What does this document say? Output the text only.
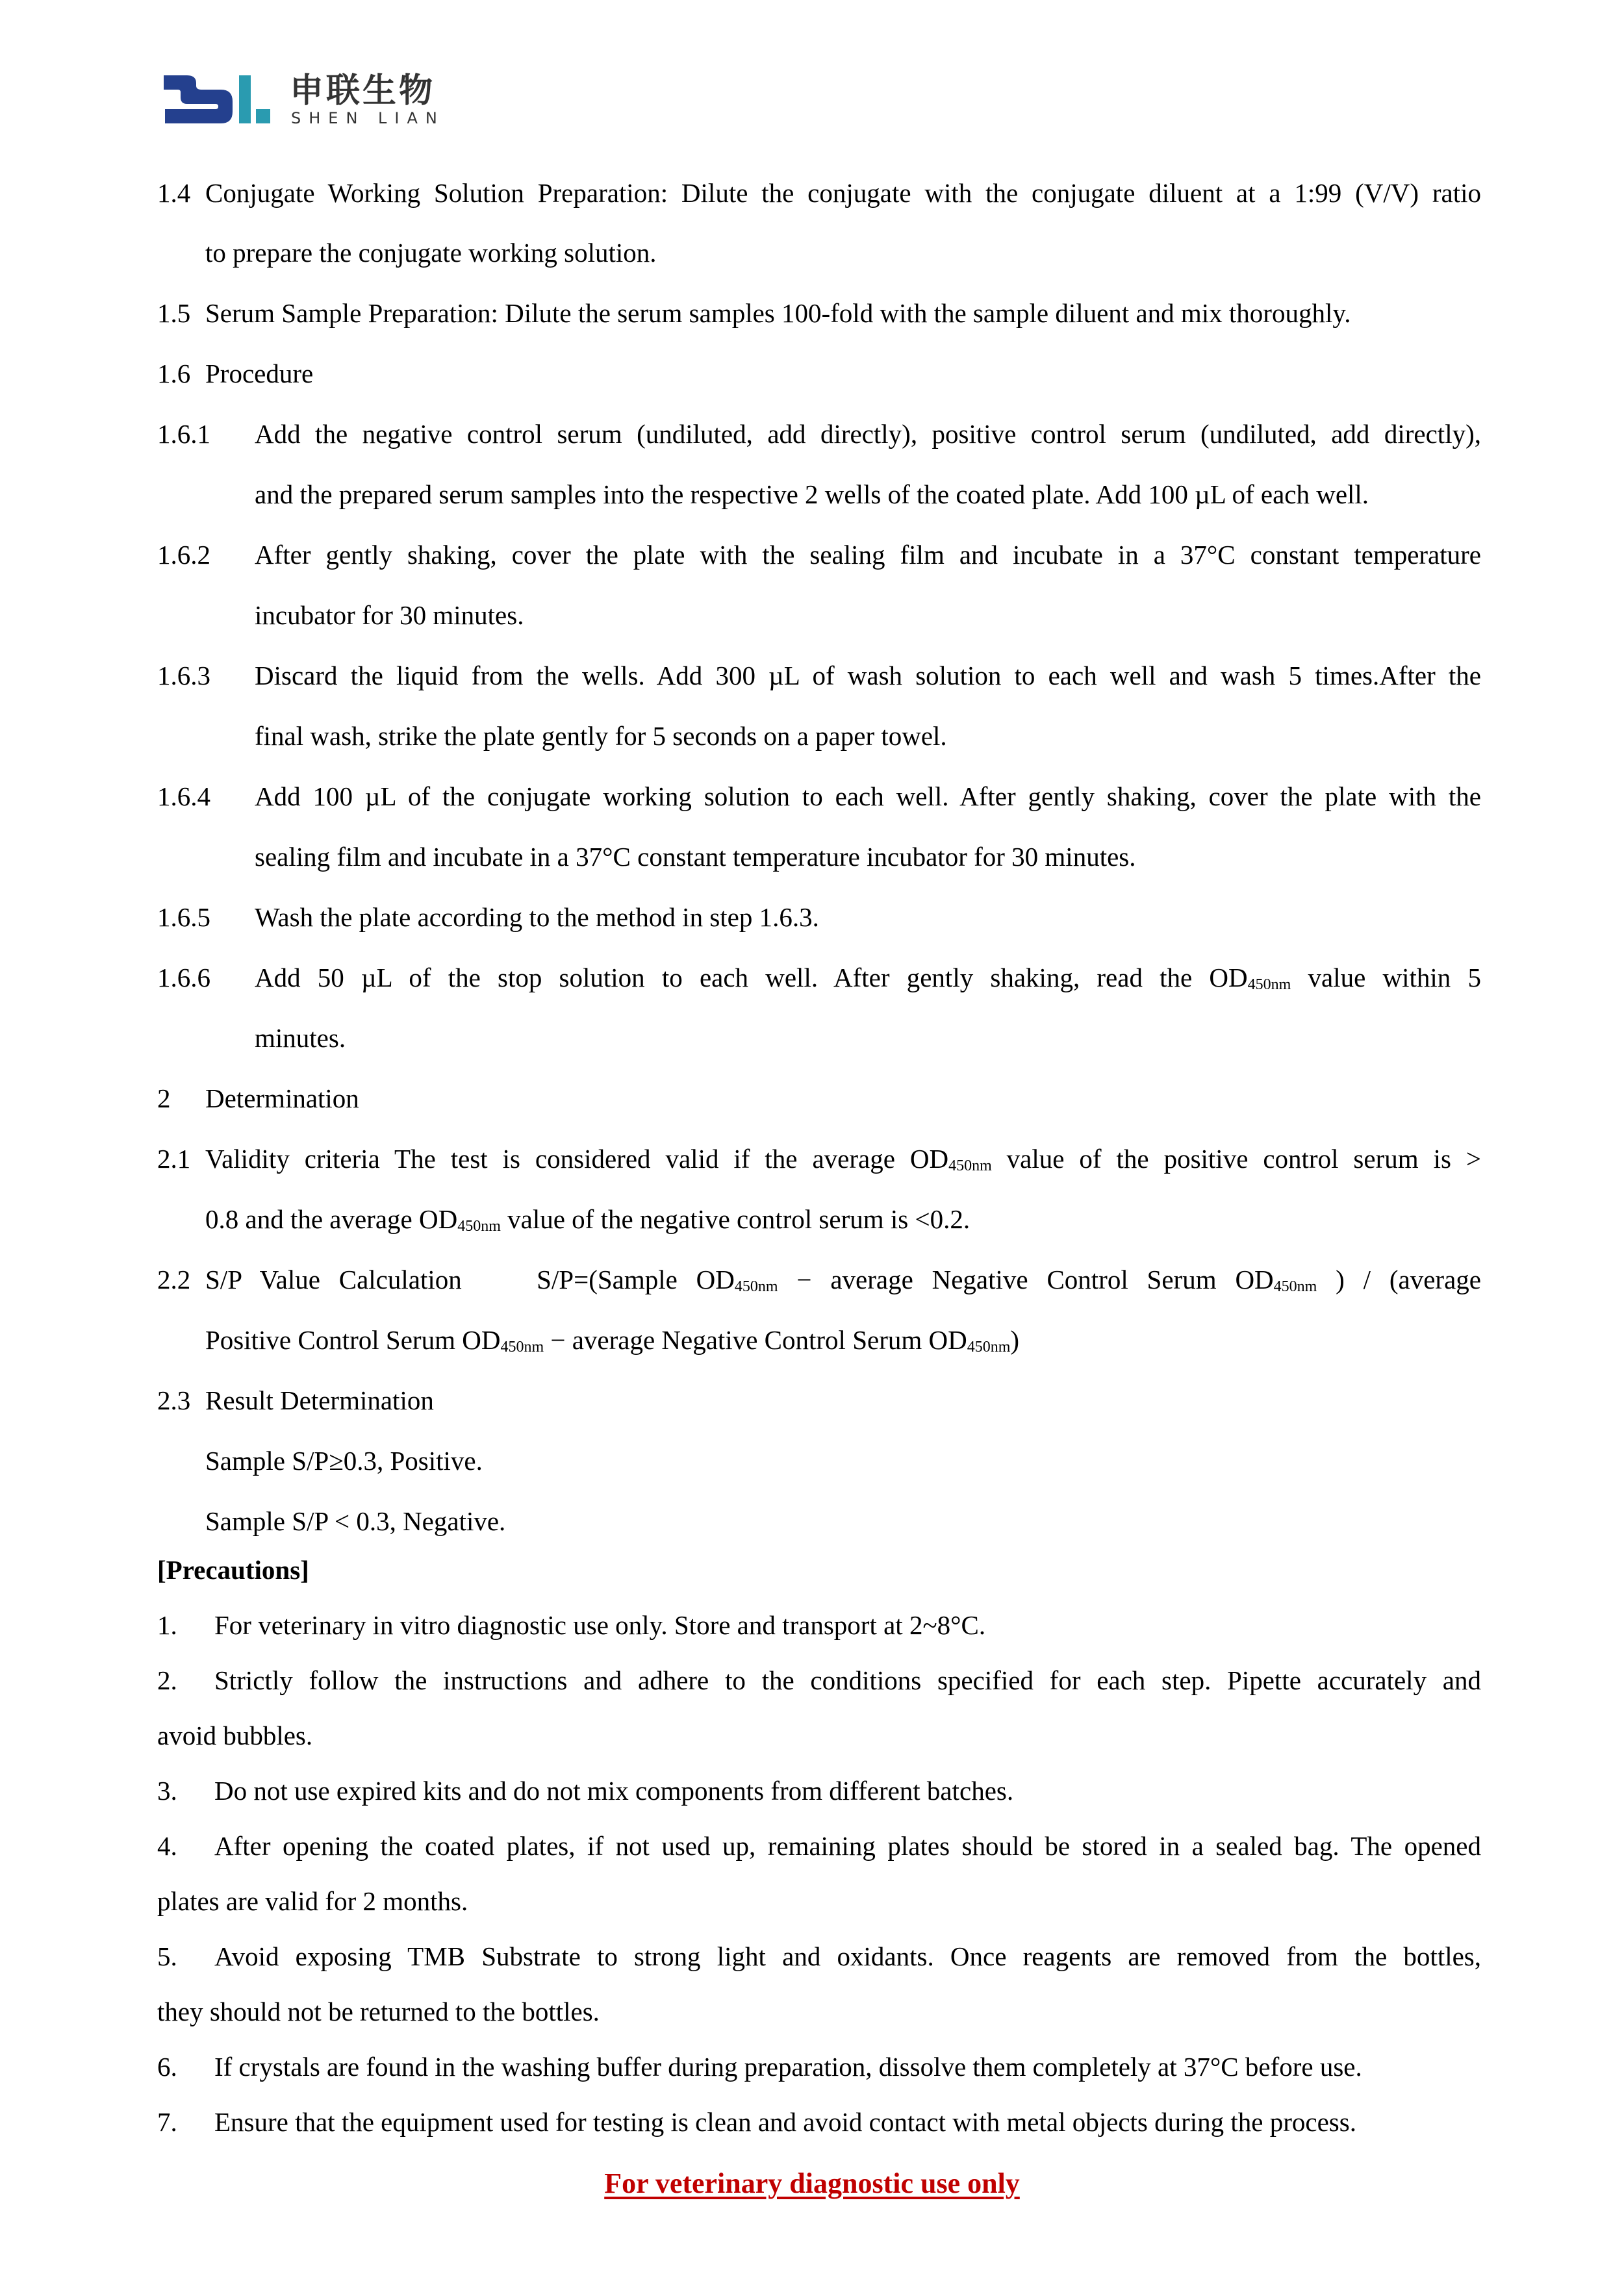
申联生物
SHEN LIAN
1.4 Conjugate Working Solution Preparation: Dilute the conjugate with the conjugate diluent at a 1:99 (V/V) ratio
to prepare the conjugate working solution.
1.5 Serum Sample Preparation: Dilute the serum samples 100-fold with the sample diluent and mix thoroughly.
1.6 Procedure
1.6.1 Add the negative control serum (undiluted, add directly), positive control serum (undiluted, add directly),
and the prepared serum samples into the respective 2 wells of the coated plate. Add 100 µL of each well.
1.6.2 After gently shaking, cover the plate with the sealing film and incubate in a 37°C constant temperature
incubator for 30 minutes.
1.6.3 Discard the liquid from the wells. Add 300 µL of wash solution to each well and wash 5 times.After the
final wash, strike the plate gently for 5 seconds on a paper towel.
1.6.4 Add 100 µL of the conjugate working solution to each well. After gently shaking, cover the plate with the
sealing film and incubate in a 37°C constant temperature incubator for 30 minutes.
1.6.5 Wash the plate according to the method in step 1.6.3.
1.6.6 Add 50 µL of the stop solution to each well. After gently shaking, read the $OD_{450nm}$ value within 5
minutes.
2 Determination
2.1 Validity criteria The test is considered valid if the average $OD_{450nm}$ value of the positive control serum is >
0.8 and the average $OD_{450nm}$ value of the negative control serum is <0.2.
2.2 S/P Value Calculation    S/P=(Sample $OD_{450nm}$ − average Negative Control Serum $OD_{450nm}$ ) / (average
Positive Control Serum $OD_{450nm}$ − average Negative Control Serum $OD_{450nm}$)
2.3 Result Determination
Sample S/P≥0.3, Positive.
Sample S/P < 0.3, Negative.
[Precautions]
1. For veterinary in vitro diagnostic use only. Store and transport at 2~8°C.
2. Strictly follow the instructions and adhere to the conditions specified for each step. Pipette accurately and
avoid bubbles.
3. Do not use expired kits and do not mix components from different batches.
4. After opening the coated plates, if not used up, remaining plates should be stored in a sealed bag. The opened
plates are valid for 2 months.
5. Avoid exposing TMB Substrate to strong light and oxidants. Once reagents are removed from the bottles,
they should not be returned to the bottles.
6. If crystals are found in the washing buffer during preparation, dissolve them completely at 37°C before use.
7. Ensure that the equipment used for testing is clean and avoid contact with metal objects during the process.
For veterinary diagnostic use only
